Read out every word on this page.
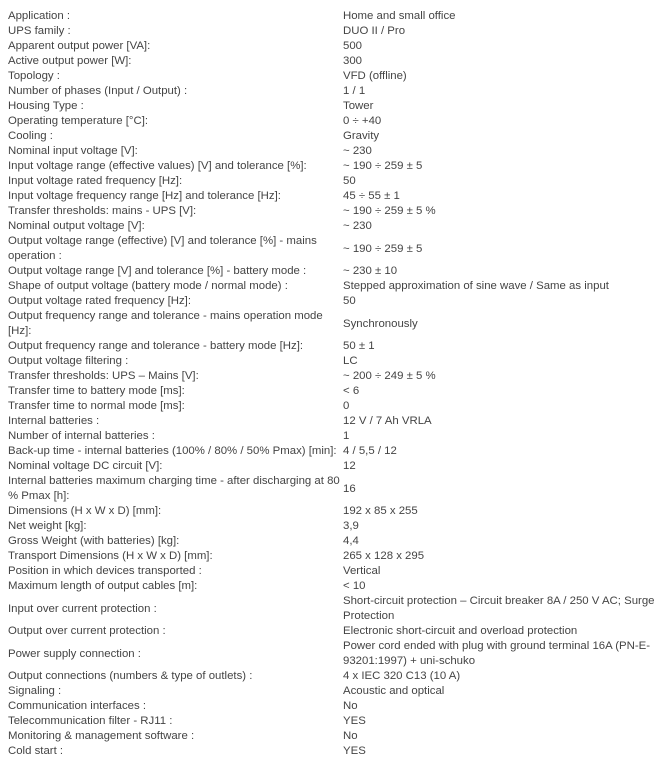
Application :	Home and small office
UPS family :	DUO II / Pro
Apparent output power [VA]:	500
Active output power [W]:	300
Topology :	VFD (offline)
Number of phases (Input / Output) :	1 / 1
Housing Type :	Tower
Operating temperature [°C]:	0 ÷ +40
Cooling :	Gravity
Nominal input voltage [V]:	~ 230
Input voltage range (effective values) [V] and tolerance [%]:	~ 190 ÷ 259 ± 5
Input voltage rated frequency [Hz]:	50
Input voltage frequency range [Hz] and tolerance [Hz]:	45 ÷ 55 ± 1
Transfer thresholds: mains - UPS [V]:	~ 190 ÷ 259 ± 5 %
Nominal output voltage [V]:	~ 230
Output voltage range (effective) [V] and tolerance [%] - mains operation :	~ 190 ÷ 259 ± 5
Output voltage range [V] and tolerance [%] - battery mode :	~ 230 ± 10
Shape of output voltage (battery mode / normal mode) :	Stepped approximation of sine wave / Same as input
Output voltage rated frequency [Hz]:	50
Output frequency range and tolerance - mains operation mode [Hz]:	Synchronously
Output frequency range and tolerance - battery mode [Hz]:	50 ± 1
Output voltage filtering :	LC
Transfer thresholds: UPS – Mains [V]:	~ 200 ÷ 249 ± 5 %
Transfer time to battery mode [ms]:	< 6
Transfer time to normal mode [ms]:	0
Internal batteries :	12 V / 7 Ah VRLA
Number of internal batteries :	1
Back-up time - internal batteries (100% / 80% / 50% Pmax) [min]:	4 / 5,5 / 12
Nominal voltage DC circuit [V]:	12
Internal batteries maximum charging time - after discharging at 80 % Pmax [h]:	16
Dimensions (H x W x D) [mm]:	192 x 85 x 255
Net weight [kg]:	3,9
Gross Weight (with batteries) [kg]:	4,4
Transport Dimensions (H x W x D) [mm]:	265 x 128 x 295
Position in which devices transported :	Vertical
Maximum length of output cables [m]:	< 10
Input over current protection :	Short-circuit protection – Circuit breaker 8A / 250 V AC; Surge Protection
Output over current protection :	Electronic short-circuit and overload protection
Power supply connection :	Power cord ended with plug with ground terminal 16A (PN-E-93201:1997) + uni-schuko
Output connections (numbers & type of outlets) :	4 x IEC 320 C13 (10 A)
Signaling :	Acoustic and optical
Communication interfaces :	No
Telecommunication filter - RJ11 :	YES
Monitoring & management software :	No
Cold start :	YES
